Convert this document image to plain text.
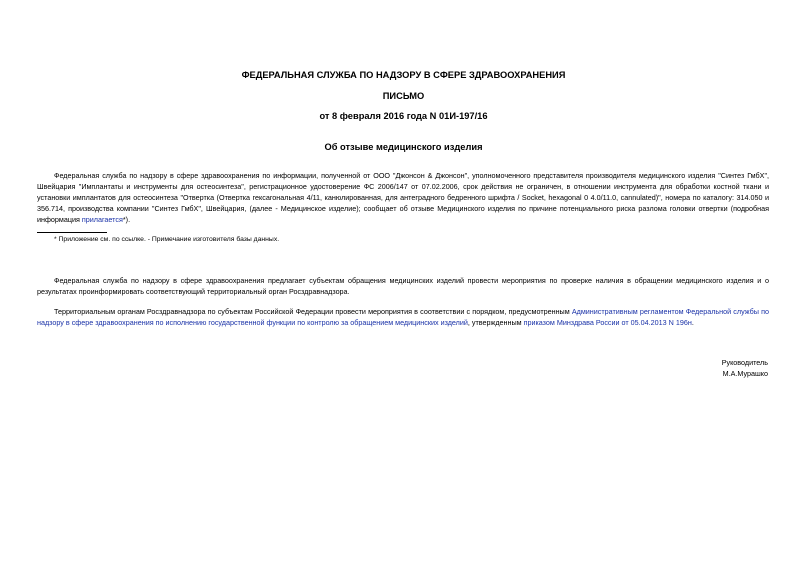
ФЕДЕРАЛЬНАЯ СЛУЖБА ПО НАДЗОРУ В СФЕРЕ ЗДРАВООХРАНЕНИЯ
ПИСЬМО
от 8 февраля 2016 года N 01И-197/16
Об отзыве медицинского изделия
Федеральная служба по надзору в сфере здравоохранения по информации, полученной от ООО "Джонсон & Джонсон", уполномоченного представителя производителя медицинского изделия "Синтез ГмбХ", Швейцария "Имплантаты и инструменты для остеосинтеза", регистрационное удостоверение ФС 2006/147 от 07.02.2006, срок действия не ограничен, в отношении инструмента для обработки костной ткани и установки имплантатов для остеосинтеза "Отвертка (Отвертка гексагональная 4/11, канюлированная, для антеградного бедренного шрифта / Socket, hexagonal 0 4.0/11.0, cannulated)", номера по каталогу: 314.050 и 356.714, производства компании "Синтез ГмбХ", Швейцария, (далее - Медицинское изделие); сообщает об отзыве Медицинского изделия по причине потенциального риска разлома головки отвертки (подробная информация прилагается*).
* Приложение см. по ссылке. - Примечание изготовителя базы данных.
Федеральная служба по надзору в сфере здравоохранения предлагает субъектам обращения медицинских изделий провести мероприятия по проверке наличия в обращении медицинского изделия и о результатах проинформировать соответствующий территориальный орган Росздравнадзора.
Территориальным органам Росздравнадзора по субъектам Российской Федерации провести мероприятия в соответствии с порядком, предусмотренным Административным регламентом Федеральной службы по надзору в сфере здравоохранения по исполнению государственной функции по контролю за обращением медицинских изделий, утвержденным приказом Минздрава России от 05.04.2013 N 196н.
Руководитель
М.А.Мурашко
